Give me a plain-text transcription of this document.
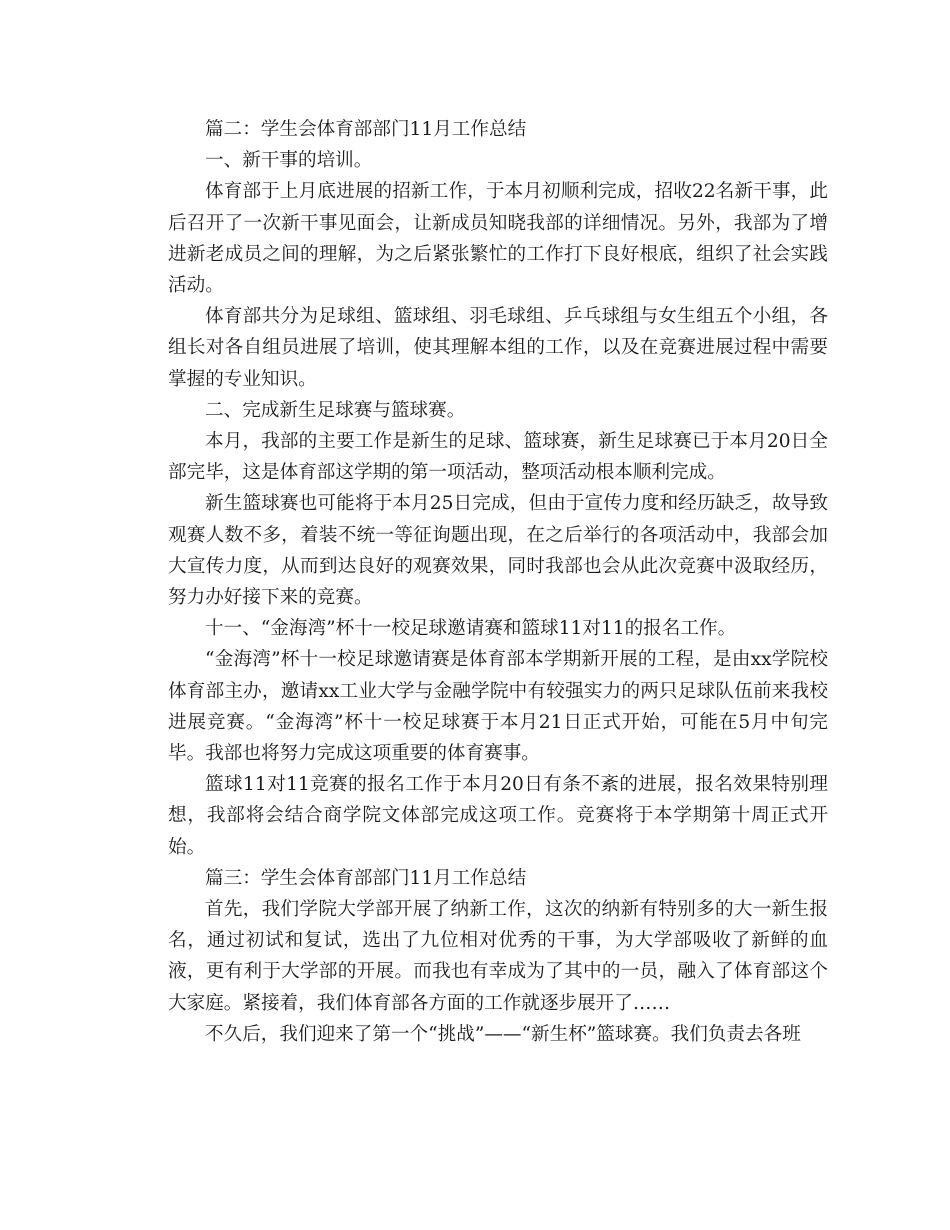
篇二：学生会体育部部门11月工作总结

一、新干事的培训。

体育部于上月底进展的招新工作，于本月初顺利完成，招收22名新干事，此后召开了一次新干事见面会，让新成员知晓我部的详细情况。另外，我部为了增进新老成员之间的理解，为之后紧张繁忙的工作打下良好根底，组织了社会实践活动。

体育部共分为足球组、篮球组、羽毛球组、乒乓球组与女生组五个小组，各组长对各自组员进展了培训，使其理解本组的工作，以及在竞赛进展过程中需要掌握的专业知识。

二、完成新生足球赛与篮球赛。

本月，我部的主要工作是新生的足球、篮球赛，新生足球赛已于本月20日全部完毕，这是体育部这学期的第一项活动，整项活动根本顺利完成。

新生篮球赛也可能将于本月25日完成，但由于宣传力度和经历缺乏，故导致观赛人数不多，着装不统一等征询题出现，在之后举行的各项活动中，我部会加大宣传力度，从而到达良好的观赛效果，同时我部也会从此次竞赛中汲取经历，努力办好接下来的竞赛。

十一、“金海湾”杯十一校足球邀请赛和篮球11对11的报名工作。

“金海湾”杯十一校足球邀请赛是体育部本学期新开展的工程，是由xx学院校体育部主办，邀请xx工业大学与金融学院中有较强实力的两只足球队伍前来我校进展竞赛。“金海湾”杯十一校足球赛于本月21日正式开始，可能在5月中旬完毕。我部也将努力完成这项重要的体育赛事。

篮球11对11竞赛的报名工作于本月20日有条不紊的进展，报名效果特别理想，我部将会结合商学院文体部完成这项工作。竞赛将于本学期第十周正式开始。

篇三：学生会体育部部门11月工作总结

首先，我们学院大学部开展了纳新工作，这次的纳新有特别多的大一新生报名，通过初试和复试，选出了九位相对优秀的干事，为大学部吸收了新鲜的血液，更有利于大学部的开展。而我也有幸成为了其中的一员，融入了体育部这个大家庭。紧接着，我们体育部各方面的工作就逐步展开了……

不久后，我们迎来了第一个“挑战”——“新生杯”篮球赛。我们负责去各班
